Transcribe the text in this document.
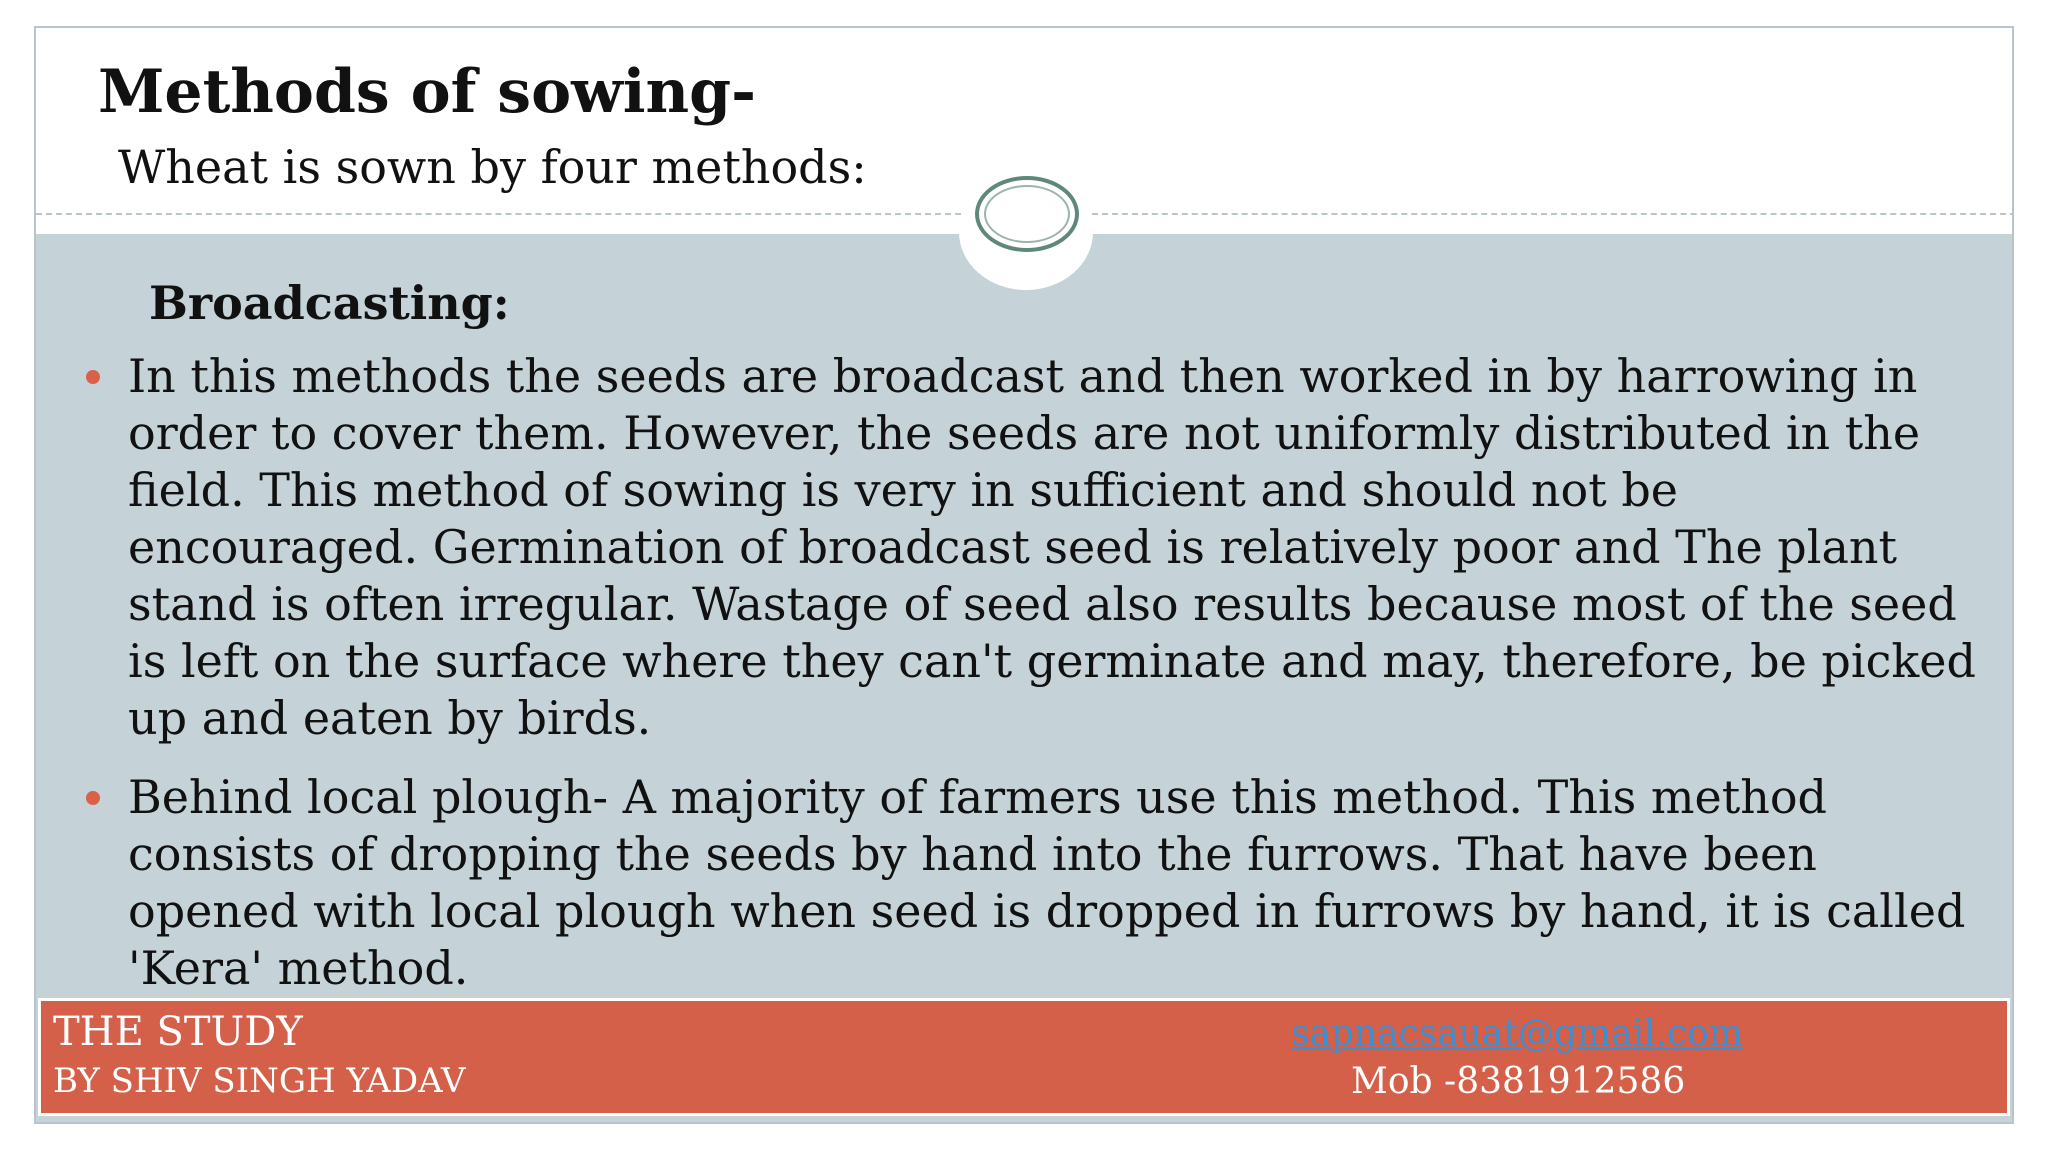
Methods of sowing-

Wheat is sown by four methods:

Broadcasting:
In this methods the seeds are broadcast and then worked in by harrowing in order to cover them. However, the seeds are not uniformly distributed in the field. This method of sowing is very in sufficient and should not be encouraged. Germination of broadcast seed is relatively poor and The plant stand is often irregular. Wastage of seed also results because most of the seed is left on the surface where they can't germinate and may, therefore, be picked up and eaten by birds.
Behind local plough- A majority of farmers use this method. This method consists of dropping the seeds by hand into the furrows. That have been opened with local plough when seed is dropped in furrows by hand, it is called 'Kera' method.

THE STUDY

BY SHIV SINGH YADAV

sapnacsauat@gmail.com

Mob -8381912586
